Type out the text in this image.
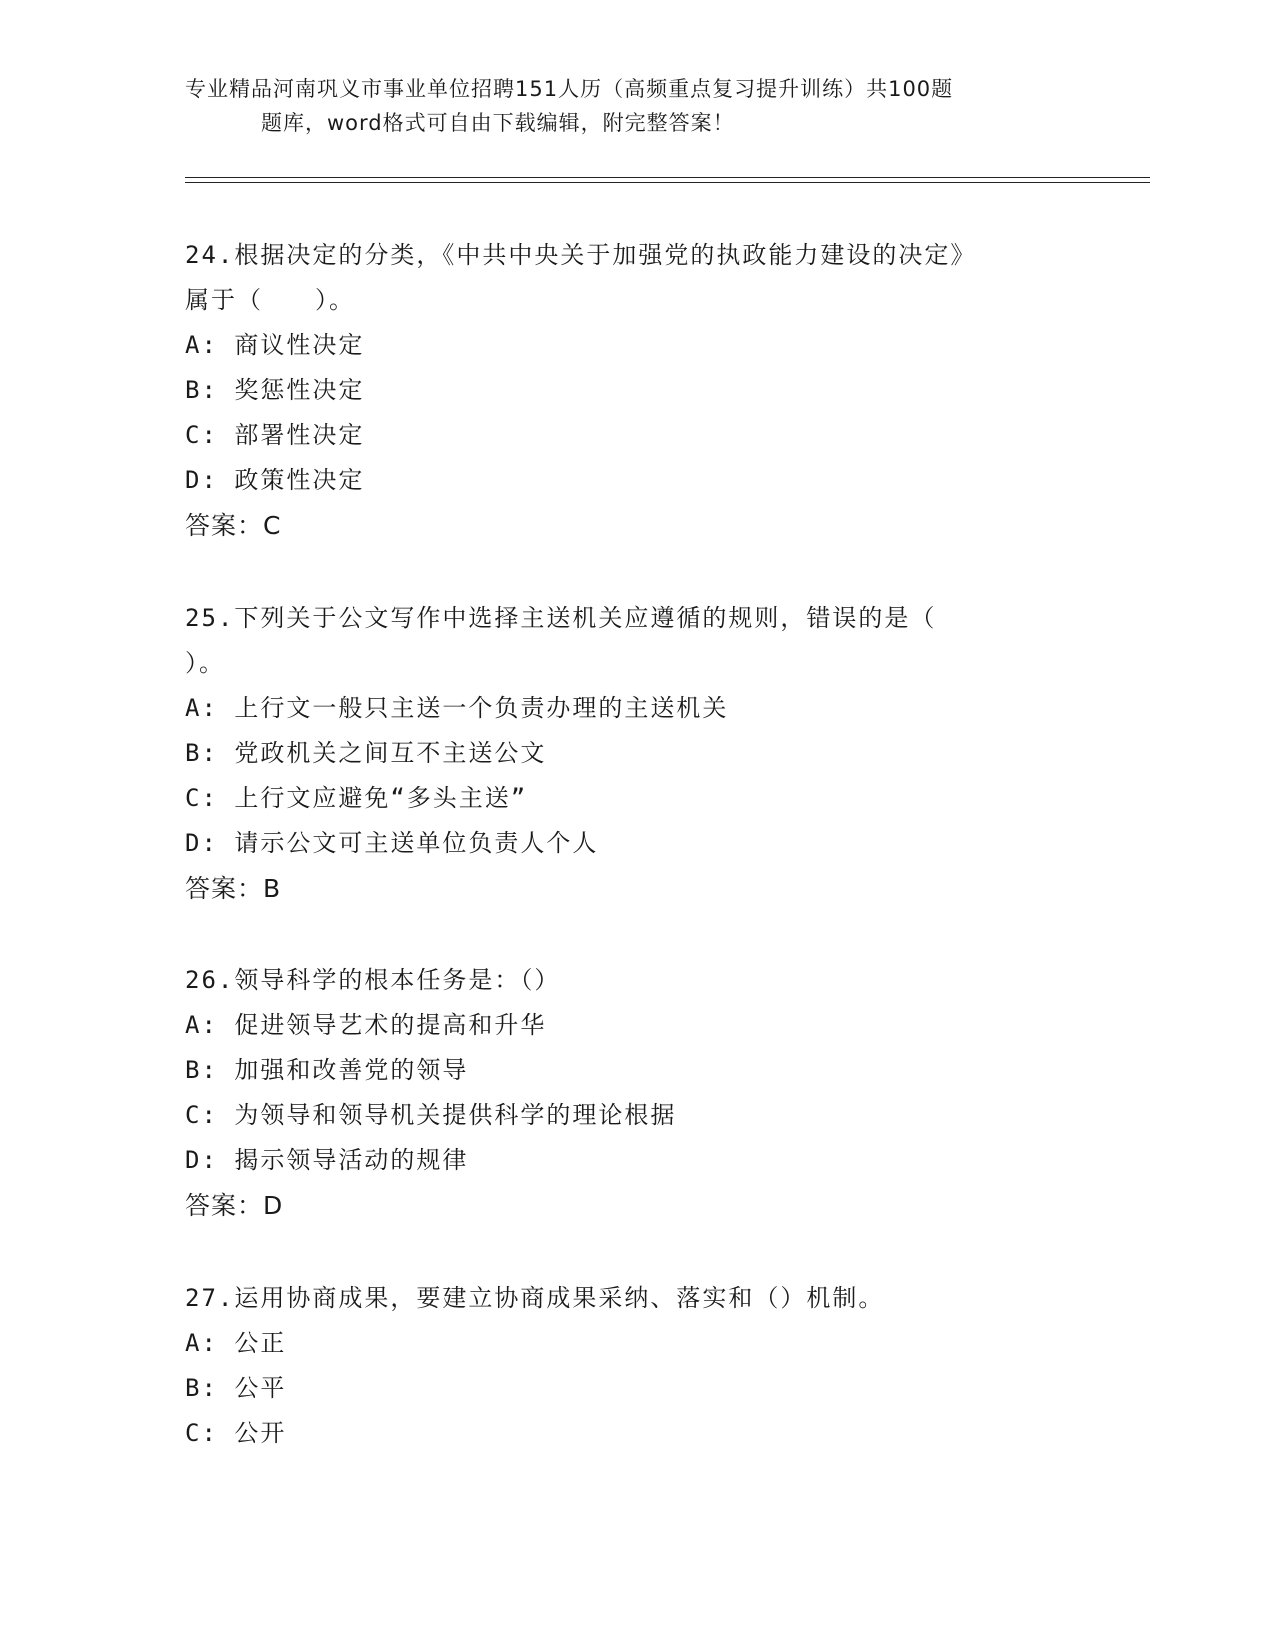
专业精品河南巩义市事业单位招聘151人历（高频重点复习提升训练）共100题
题库，word格式可自由下载编辑，附完整答案！

24.根据决定的分类，《中共中央关于加强党的执政能力建设的决定》

属于（　　）。

A: 商议性决定

B: 奖惩性决定

C: 部署性决定

D: 政策性决定

答案：C

25.下列关于公文写作中选择主送机关应遵循的规则，错误的是（

）。

A: 上行文一般只主送一个负责办理的主送机关

B: 党政机关之间互不主送公文

C: 上行文应避免“多头主送”

D: 请示公文可主送单位负责人个人

答案：B

26.领导科学的根本任务是：（）

A: 促进领导艺术的提高和升华

B: 加强和改善党的领导

C: 为领导和领导机关提供科学的理论根据

D: 揭示领导活动的规律

答案：D

27.运用协商成果，要建立协商成果采纳、落实和（）机制。

A: 公正

B: 公平

C: 公开
